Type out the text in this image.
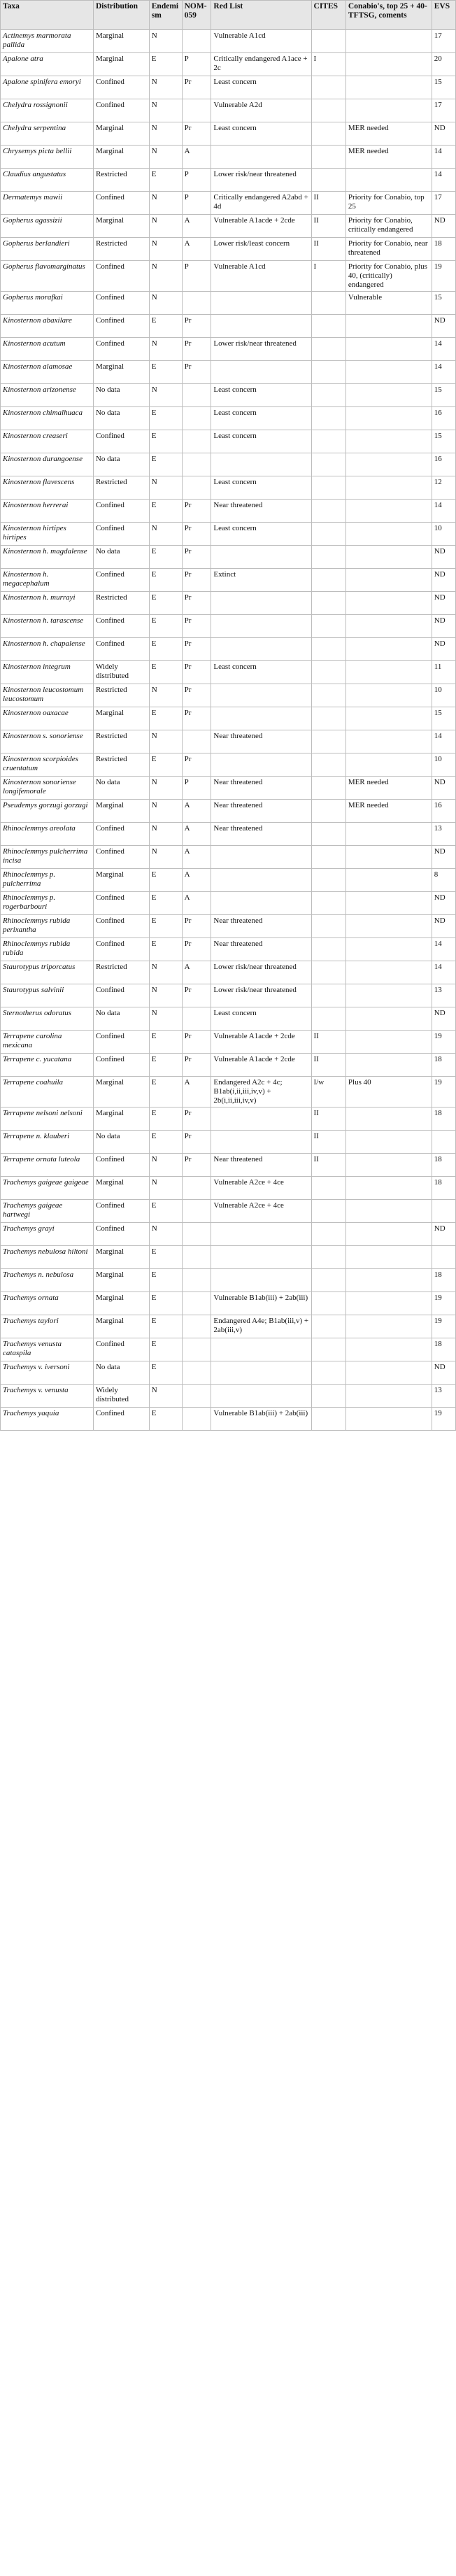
Taxa	Distribution	Endemism	NOM-059	Red List	CITES	Conabio's, top 25 + 40- TFTSG, coments	EVS
Actinemys marmorata pallida	Marginal	N		Vulnerable A1cd			17
Apalone atra	Marginal	E	P	Critically endangered A1ace + 2c	I		20
Apalone spinifera emoryi	Confined	N	Pr	Least concern			15
Chelydra rossignonii	Confined	N		Vulnerable A2d			17
Chelydra serpentina	Marginal	N	Pr	Least concern		MER needed	ND
Chrysemys picta bellii	Marginal	N	A			MER needed	14
Claudius angustatus	Restricted	E	P	Lower risk/near threatened			14
Dermatemys mawii	Confined	N	P	Critically endangered A2abd + 4d	II	Priority for Conabio, top 25	17
Gopherus agassizii	Marginal	N	A	Vulnerable A1acde + 2cde	II	Priority for Conabio, critically endangered	ND
Gopherus berlandieri	Restricted	N	A	Lower risk/least concern	II	Priority for Conabio, near threatened	18
Gopherus flavomarginatus	Confined	N	P	Vulnerable A1cd	I	Priority for Conabio, plus 40, (critically) endangered	19
Gopherus morafkai	Confined	N				Vulnerable	15
Kinosternon abaxilare	Confined	E	Pr				ND
Kinosternon acutum	Confined	N	Pr	Lower risk/near threatened			14
Kinosternon alamosae	Marginal	E	Pr				14
Kinosternon arizonense	No data	N		Least concern			15
Kinosternon chimalhuaca	No data	E		Least concern			16
Kinosternon creaseri	Confined	E		Least concern			15
Kinosternon durangoense	No data	E					16
Kinosternon flavescens	Restricted	N		Least concern			12
Kinosternon herrerai	Confined	E	Pr	Near threatened			14
Kinosternon hirtipes hirtipes	Confined	N	Pr	Least concern			10
Kinosternon h. magdalense	No data	E	Pr				ND
Kinosternon h. megacephalum	Confined	E	Pr	Extinct			ND
Kinosternon h. murrayi	Restricted	E	Pr				ND
Kinosternon h. tarascense	Confined	E	Pr				ND
Kinosternon h. chapalense	Confined	E	Pr				ND
Kinosternon integrum	Widely distributed	E	Pr	Least concern			11
Kinosternon leucostomum leucostomum	Restricted	N	Pr				10
Kinosternon oaxacae	Marginal	E	Pr				15
Kinosternon s. sonoriense	Restricted	N		Near threatened			14
Kinosternon scorpioides cruentatum	Restricted	E	Pr				10
Kinosternon sonoriense longifemorale	No data	N	P	Near threatened		MER needed	ND
Pseudemys gorzugi gorzugi	Marginal	N	A	Near threatened		MER needed	16
Rhinoclemmys areolata	Confined	N	A	Near threatened			13
Rhinoclemmys pulcherrima incisa	Confined	N	A				ND
Rhinoclemmys p. pulcherrima	Marginal	E	A				8
Rhinoclemmys p. rogerbarbouri	Confined	E	A				ND
Rhinoclemmys rubida perixantha	Confined	E	Pr	Near threatened			ND
Rhinoclemmys rubida rubida	Confined	E	Pr	Near threatened			14
Staurotypus triporcatus	Restricted	N	A	Lower risk/near threatened			14
Staurotypus salvinii	Confined	N	Pr	Lower risk/near threatened			13
Sternotherus odoratus	No data	N		Least concern			ND
Terrapene carolina mexicana	Confined	E	Pr	Vulnerable A1acde + 2cde	II		19
Terrapene c. yucatana	Confined	E	Pr	Vulnerable A1acde + 2cde	II		18
Terrapene coahuila	Marginal	E	A	Endangered A2c + 4c; B1ab(i,ii,iii,iv,v) + 2b(i,ii,iii,iv,v)	I/w	Plus 40	19
Terrapene nelsoni nelsoni	Marginal	E	Pr		II		18
Terrapene n. klauberi	No data	E	Pr		II		
Terrapene ornata luteola	Confined	N	Pr	Near threatened	II		18
Trachemys gaigeae gaigeae	Marginal	N		Vulnerable A2ce + 4ce			18
Trachemys gaigeae hartwegi	Confined	E		Vulnerable A2ce + 4ce			
Trachemys grayi	Confined	N					ND
Trachemys nebulosa hiltoni	Marginal	E					
Trachemys n. nebulosa	Marginal	E					18
Trachemys ornata	Marginal	E		Vulnerable B1ab(iii) + 2ab(iii)			19
Trachemys taylori	Marginal	E		Endangered A4e; B1ab(iii,v) + 2ab(iii,v)			19
Trachemys venusta cataspila	Confined	E					18
Trachemys v. iversoni	No data	E					ND
Trachemys v. venusta	Widely distributed	N					13
Trachemys yaquia	Confined	E		Vulnerable B1ab(iii) + 2ab(iii)			19
